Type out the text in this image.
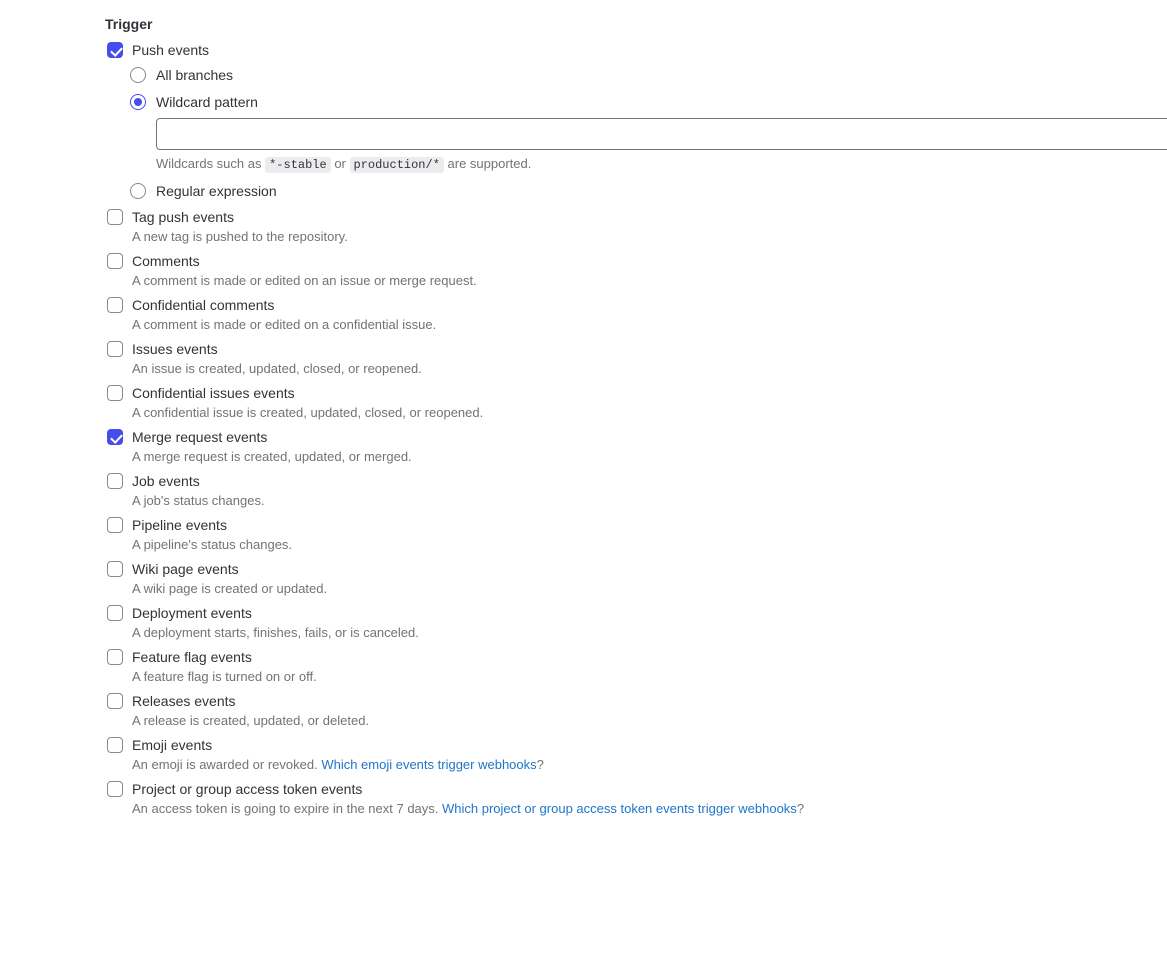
Trigger
Push events
All branches
Wildcard pattern
Wildcards such as *-stable or production/* are supported.
Regular expression
Tag push events
A new tag is pushed to the repository.
Comments
A comment is made or edited on an issue or merge request.
Confidential comments
A comment is made or edited on a confidential issue.
Issues events
An issue is created, updated, closed, or reopened.
Confidential issues events
A confidential issue is created, updated, closed, or reopened.
Merge request events
A merge request is created, updated, or merged.
Job events
A job's status changes.
Pipeline events
A pipeline's status changes.
Wiki page events
A wiki page is created or updated.
Deployment events
A deployment starts, finishes, fails, or is canceled.
Feature flag events
A feature flag is turned on or off.
Releases events
A release is created, updated, or deleted.
Emoji events
An emoji is awarded or revoked. Which emoji events trigger webhooks?
Project or group access token events
An access token is going to expire in the next 7 days. Which project or group access token events trigger webhooks?
